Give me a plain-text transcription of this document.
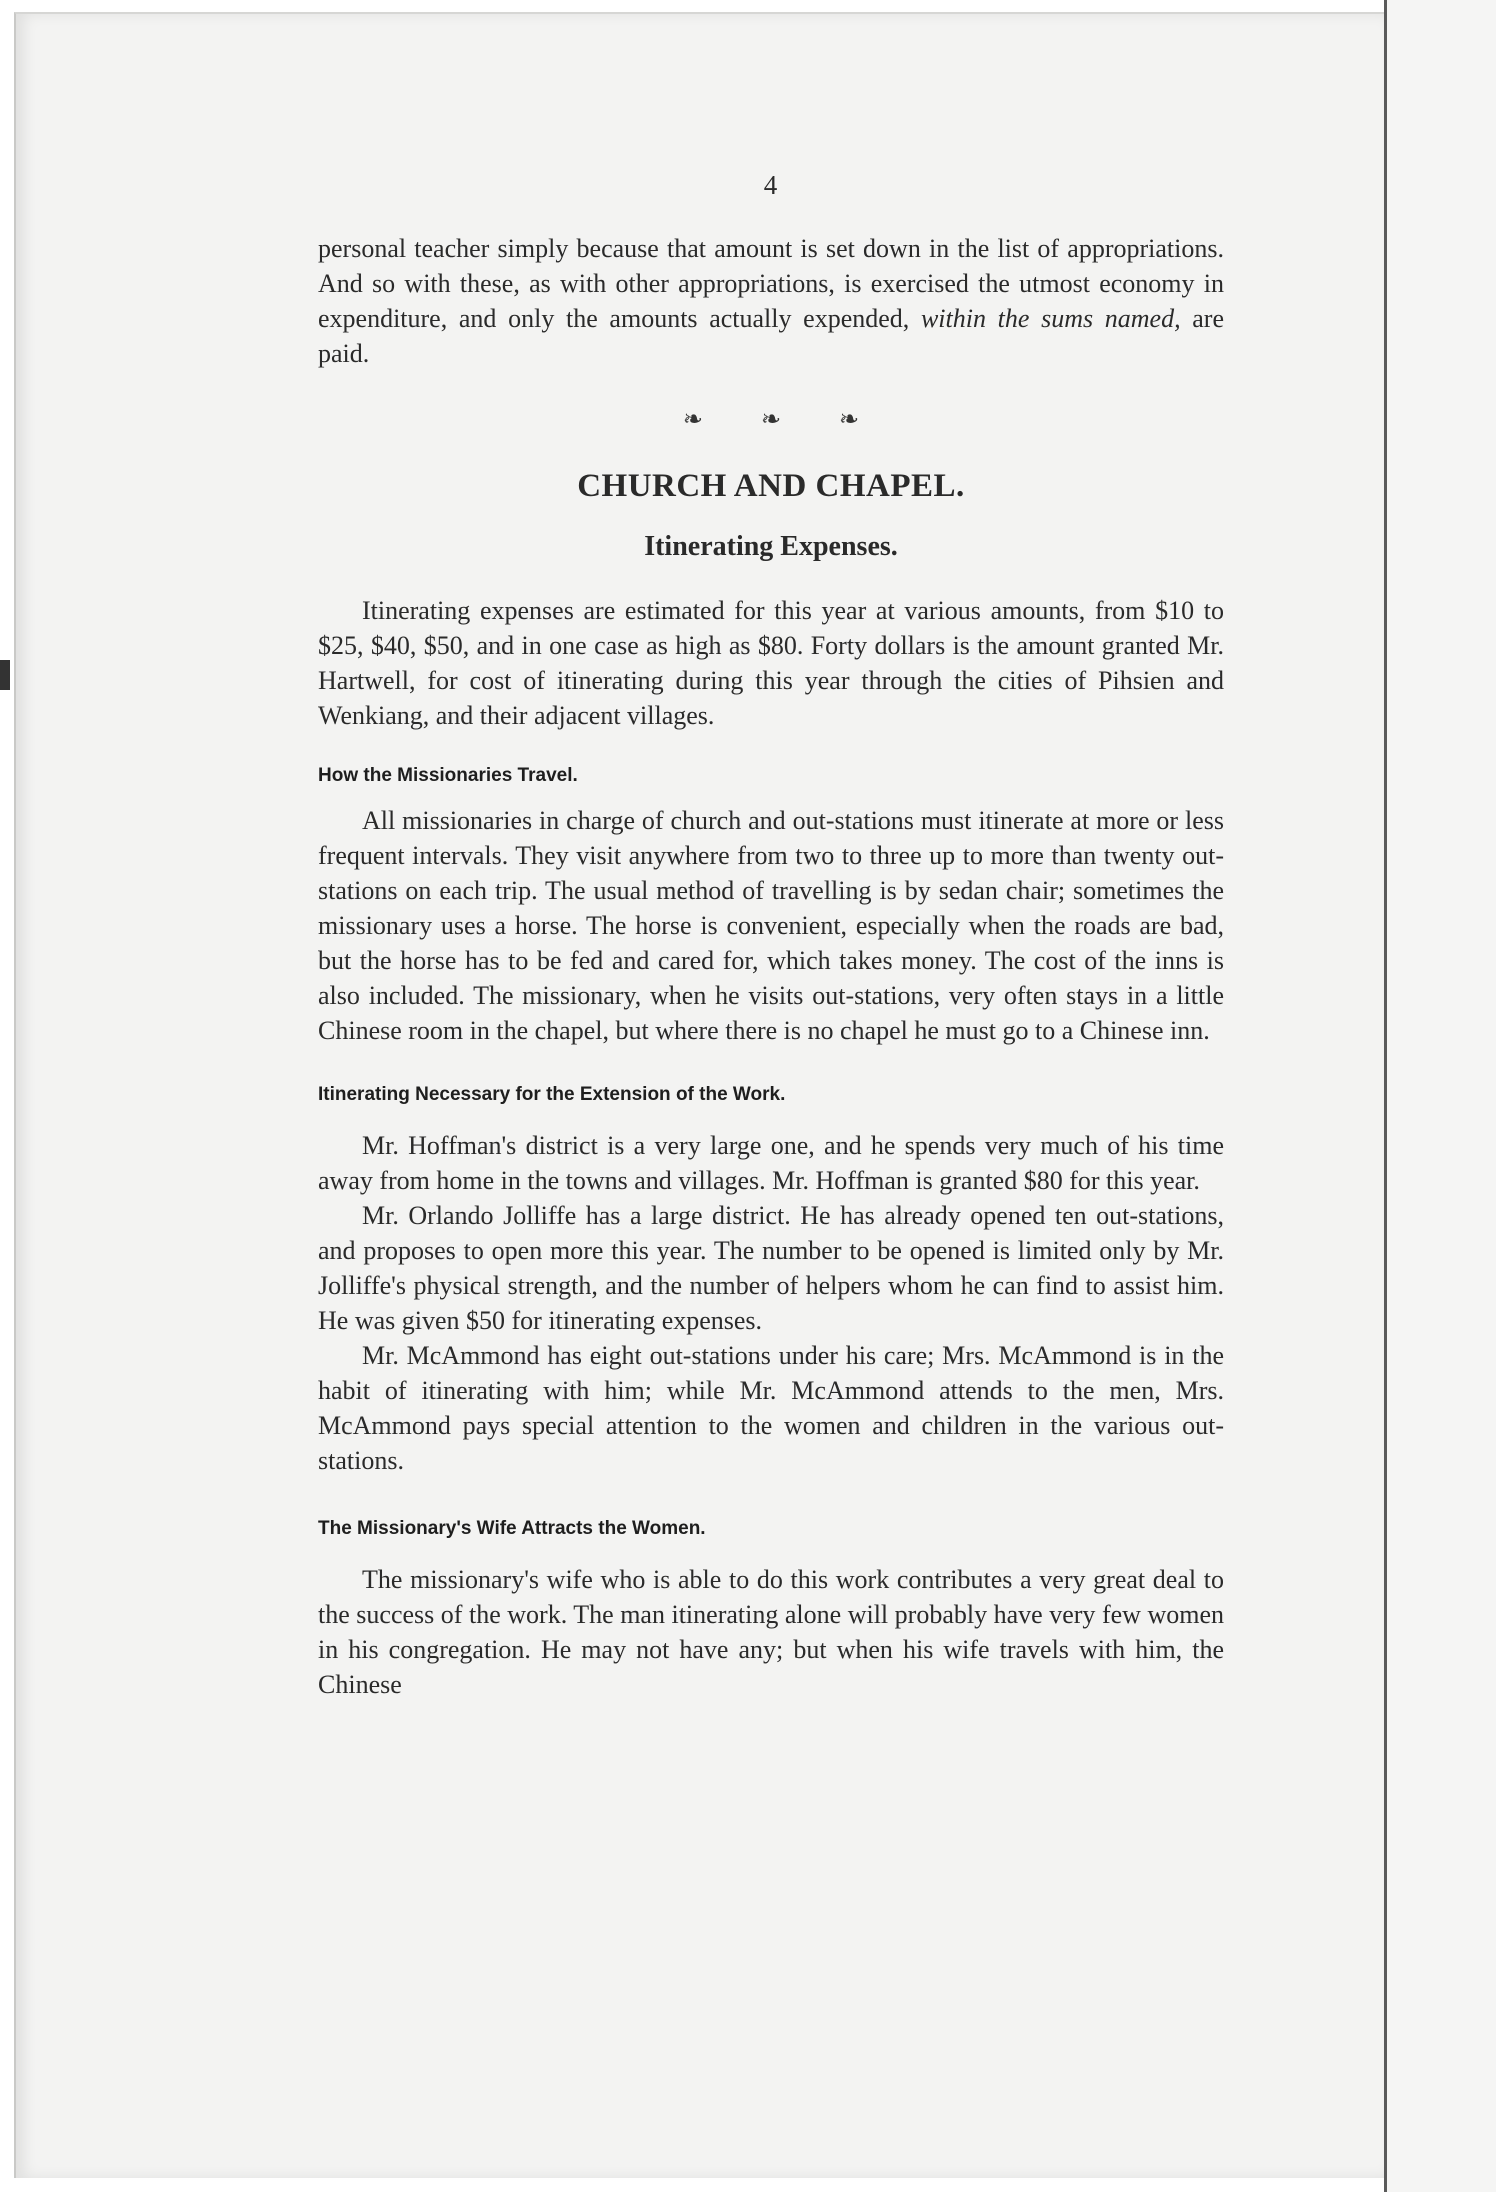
4

personal teacher simply because that amount is set down in the list of appropriations. And so with these, as with other appropriations, is exercised the utmost economy in expenditure, and only the amounts actually expended, within the sums named, are paid.

❧ ❧ ❧
CHURCH AND CHAPEL.
Itinerating Expenses.

Itinerating expenses are estimated for this year at various amounts, from $10 to $25, $40, $50, and in one case as high as $80. Forty dollars is the amount granted Mr. Hartwell, for cost of itinerating during this year through the cities of Pihsien and Wenkiang, and their adjacent villages.

How the Missionaries Travel.

All missionaries in charge of church and out-stations must itinerate at more or less frequent intervals. They visit anywhere from two to three up to more than twenty out-stations on each trip. The usual method of travelling is by sedan chair; sometimes the missionary uses a horse. The horse is convenient, especially when the roads are bad, but the horse has to be fed and cared for, which takes money. The cost of the inns is also included. The missionary, when he visits out-stations, very often stays in a little Chinese room in the chapel, but where there is no chapel he must go to a Chinese inn.

Itinerating Necessary for the Extension of the Work.

Mr. Hoffman's district is a very large one, and he spends very much of his time away from home in the towns and villages. Mr. Hoffman is granted $80 for this year.

Mr. Orlando Jolliffe has a large district. He has already opened ten out-stations, and proposes to open more this year. The number to be opened is limited only by Mr. Jolliffe's physical strength, and the number of helpers whom he can find to assist him. He was given $50 for itinerating expenses.

Mr. McAmmond has eight out-stations under his care; Mrs. McAmmond is in the habit of itinerating with him; while Mr. McAmmond attends to the men, Mrs. McAmmond pays special attention to the women and children in the various out-stations.

The Missionary's Wife Attracts the Women.

The missionary's wife who is able to do this work contributes a very great deal to the success of the work. The man itinerating alone will probably have very few women in his congregation. He may not have any; but when his wife travels with him, the Chinese
